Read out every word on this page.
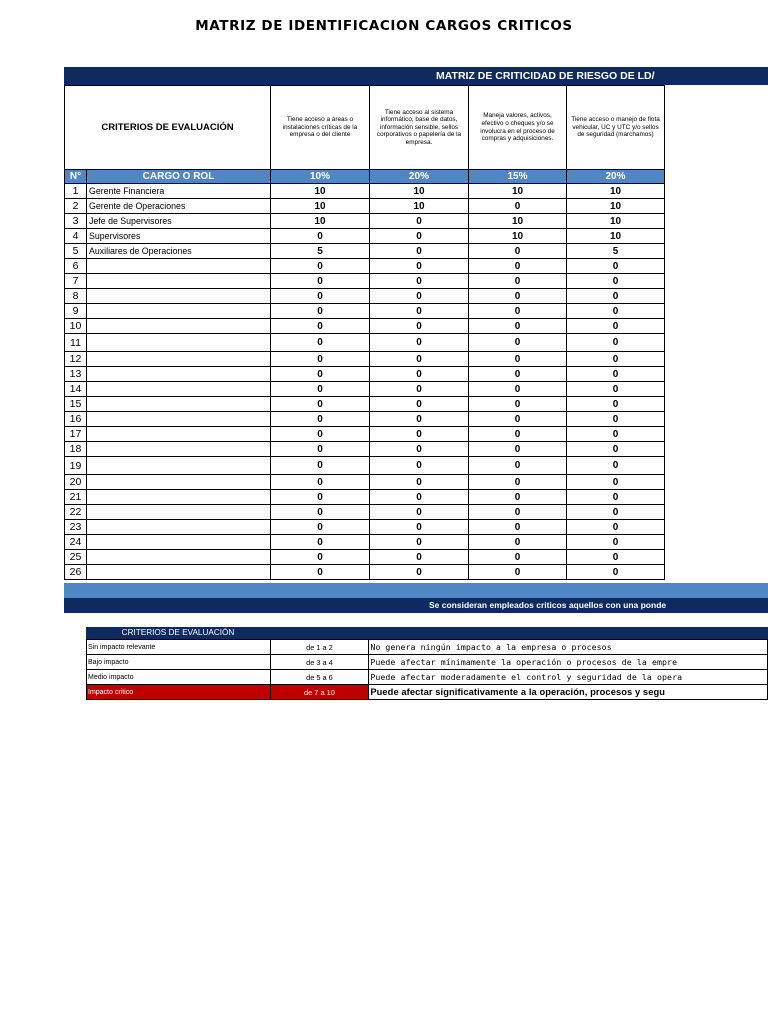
MATRIZ DE IDENTIFICACION CARGOS CRITICOS
MATRIZ DE CRITICIDAD DE RIESGO DE LD/
CRITERIOS DE EVALUACIÓN		Tiene acceso a áreas o instalaciones críticas de la empresa o del cliente	Tiene acceso al sistema informático, base de datos, información sensible, sellos corporativos o papelería de la empresa.	Maneja valores, activos, efectivo o cheques y/o se involucra en el proceso de compras y adquisiciones.	Tiene acceso o manejo de flota vehicular, UC y UTC y/o sellos de seguridad (marchamos)
N°	CARGO O ROL	10%	20%	15%	20%
1	Gerente Financiera	10	10	10	10
2	Gerente de Operaciones	10	10	0	10
3	Jefe de Supervisores	10	0	10	10
4	Supervisores	0	0	10	10
5	Auxiliares de Operaciones	5	0	0	5
6		0	0	0	0
7		0	0	0	0
8		0	0	0	0
9		0	0	0	0
10		0	0	0	0
11		0	0	0	0
12		0	0	0	0
13		0	0	0	0
14		0	0	0	0
15		0	0	0	0
16		0	0	0	0
17		0	0	0	0
18		0	0	0	0
19		0	0	0	0
20		0	0	0	0
21		0	0	0	0
22		0	0	0	0
23		0	0	0	0
24		0	0	0	0
25		0	0	0	0
26		0	0	0	0
Se consideran empleados criticos aquellos con una ponde
CRITERIOS DE EVALUACIÓN
Sin impacto relevante	de 1 a 2	No genera ningún impacto a la empresa o procesos
Bajo impacto	de 3 a 4	Puede afectar mínimamente la operación o procesos de la empre
Medio impacto	de 5 a 6	Puede afectar moderadamente el control y seguridad de la opera
Impacto critico	de 7 a 10	Puede afectar significativamente a la operación, procesos y segu
